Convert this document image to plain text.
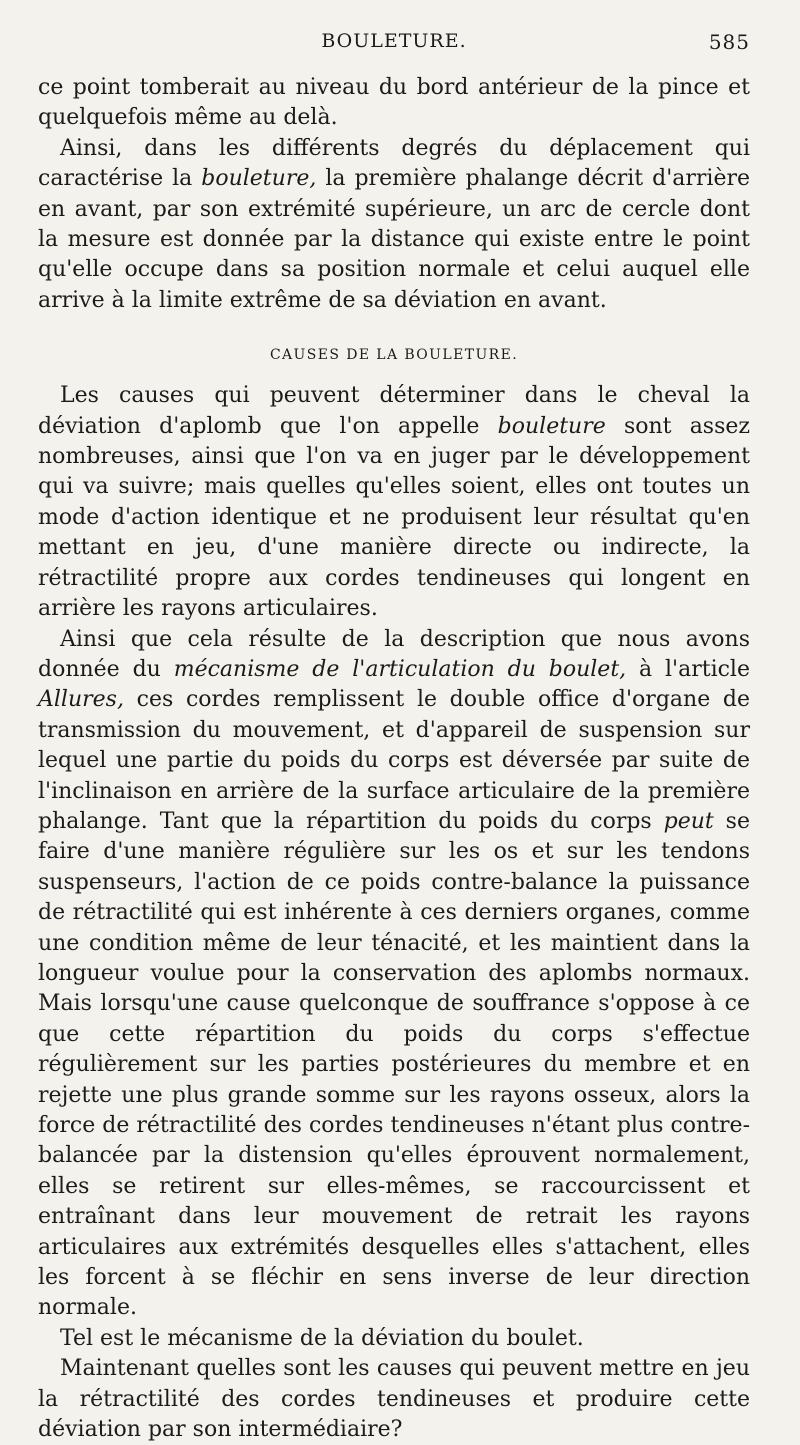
BOULETURE.	585

ce point tomberait au niveau du bord antérieur de la pince et quelquefois même au delà.

Ainsi, dans les différents degrés du déplacement qui caractérise la bouleture, la première phalange décrit d'arrière en avant, par son extrémité supérieure, un arc de cercle dont la mesure est donnée par la distance qui existe entre le point qu'elle occupe dans sa position normale et celui auquel elle arrive à la limite extrême de sa déviation en avant.

CAUSES DE LA BOULETURE.

Les causes qui peuvent déterminer dans le cheval la déviation d'aplomb que l'on appelle bouleture sont assez nombreuses, ainsi que l'on va en juger par le développement qui va suivre; mais quelles qu'elles soient, elles ont toutes un mode d'action identique et ne produisent leur résultat qu'en mettant en jeu, d'une manière directe ou indirecte, la rétractilité propre aux cordes tendineuses qui longent en arrière les rayons articulaires.

Ainsi que cela résulte de la description que nous avons donnée du mécanisme de l'articulation du boulet, à l'article Allures, ces cordes remplissent le double office d'organe de transmission du mouvement, et d'appareil de suspension sur lequel une partie du poids du corps est déversée par suite de l'inclinaison en arrière de la surface articulaire de la première phalange. Tant que la répartition du poids du corps peut se faire d'une manière régulière sur les os et sur les tendons suspenseurs, l'action de ce poids contre-balance la puissance de rétractilité qui est inhérente à ces derniers organes, comme une condition même de leur ténacité, et les maintient dans la longueur voulue pour la conservation des aplombs normaux. Mais lorsqu'une cause quelconque de souffrance s'oppose à ce que cette répartition du poids du corps s'effectue régulièrement sur les parties postérieures du membre et en rejette une plus grande somme sur les rayons osseux, alors la force de rétractilité des cordes tendineuses n'étant plus contre-balancée par la distension qu'elles éprouvent normalement, elles se retirent sur elles-mêmes, se raccourcissent et entraînant dans leur mouvement de retrait les rayons articulaires aux extrémités desquelles elles s'attachent, elles les forcent à se fléchir en sens inverse de leur direction normale.

Tel est le mécanisme de la déviation du boulet.

Maintenant quelles sont les causes qui peuvent mettre en jeu la rétractilité des cordes tendineuses et produire cette déviation par son intermédiaire?
